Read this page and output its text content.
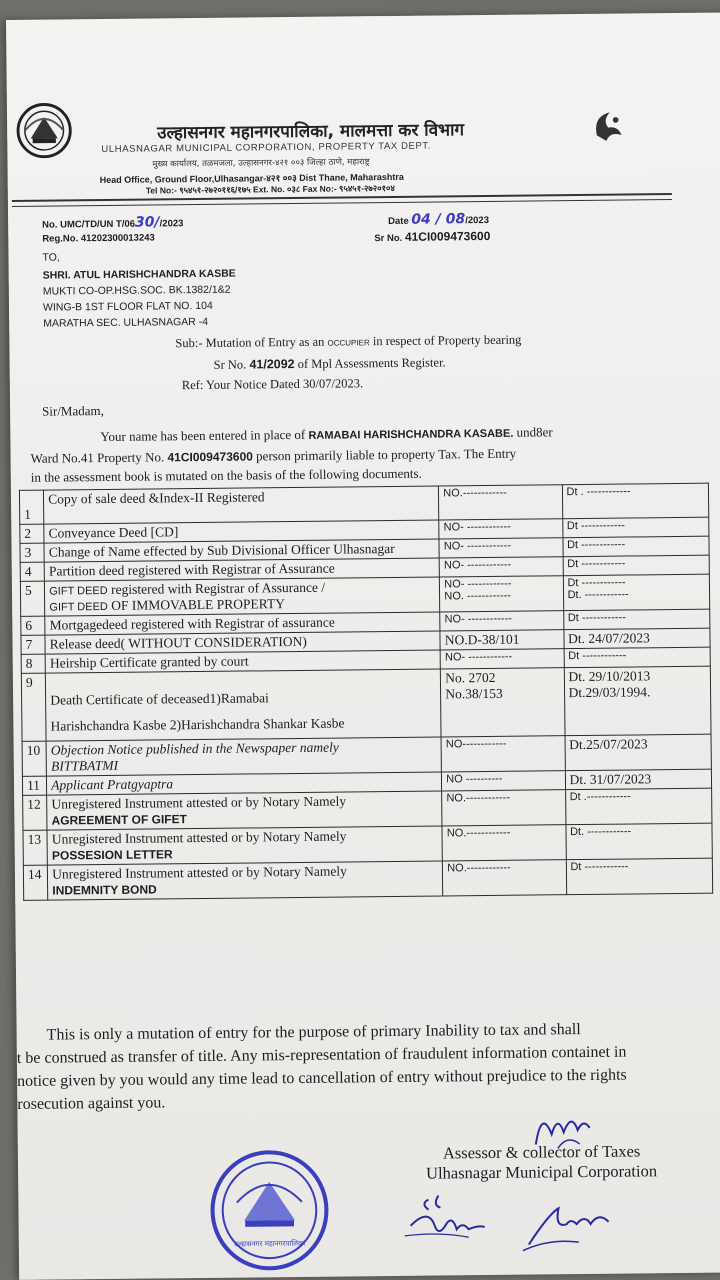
उल्हासनगर महानगरपालिका, मालमत्ता कर विभाग
ULHASNAGAR MUNICIPAL CORPORATION, PROPERTY TAX DEPT.
मुख्य कार्यालय, तळमजला, उल्हासनगर-४२१ ००३ जिल्हा ठाणे, महाराष्ट्र
Head Office, Ground Floor,Ulhasangar-४२१ ००३ Dist Thane, Maharashtra
Tel No:- ९५४५१-२७२०११६/१७५ Ext. No. ०३८ Fax No:- ९५४५१-२७२०१०४
No. UMC/TD/UN T/0630//2023	Date 04 / 08/2023
Reg.No. 41202300013243	Sr No. 41CI009473600
TO,
SHRI. ATUL HARISHCHANDRA KASBE
MUKTI CO-OP.HSG.SOC. BK.1382/1&2
WING-B 1ST FLOOR FLAT NO. 104
MARATHA SEC. ULHASNAGAR -4
Sub:- Mutation of Entry as an OCCUPIER in respect of Property bearing
Sr No. 41/2092 of Mpl Assessments Register.
Ref: Your Notice Dated 30/07/2023.
Sir/Madam,
Your name has been entered in place of RAMABAI HARISHCHANDRA KASABE. und8er
Ward No.41 Property No. 41CI009473600 person primarily liable to property Tax. The Entry
in the assessment book is mutated on the basis of the following documents.
1	Copy of sale deed &Index-II Registered	NO.------------	Dt . ------------
2	Conveyance Deed [CD]	NO- ------------	Dt ------------
3	Change of Name effected by Sub Divisional Officer Ulhasnagar	NO- ------------	Dt ------------
4	Partition deed registered with Registrar of Assurance	NO- ------------	Dt ------------
5	GIFT DEED registered with Registrar of Assurance /
GIFT DEED OF IMMOVABLE PROPERTY	NO- ------------
NO. ------------	Dt ------------
Dt. ------------
6	Mortgagedeed registered with Registrar of assurance	NO- ------------	Dt ------------
7	Release deed( WITHOUT CONSIDERATION)	NO.D-38/101	Dt. 24/07/2023
8	Heirship Certificate granted by court	NO- ------------	Dt ------------
9	Death Certificate of deceased1)Ramabai
Harishchandra Kasbe 2)Harishchandra Shankar Kasbe	No. 2702
No.38/153	Dt. 29/10/2013
Dt.29/03/1994.
10	Objection Notice published in the Newspaper namely
BITTBATMI	NO------------	Dt.25/07/2023
11	Applicant Pratgyaptra	NO ----------	Dt. 31/07/2023
12	Unregistered Instrument attested or by Notary Namely
AGREEMENT OF GIFET	NO.------------	Dt .------------
13	Unregistered Instrument attested or by Notary Namely
POSSESION LETTER	NO.------------	Dt. ------------
14	Unregistered Instrument attested or by Notary Namely
INDEMNITY BOND	NO.------------	Dt ------------
This is only a mutation of entry for the purpose of primary Inability to tax and shall
t be construed as transfer of title. Any mis-representation of fraudulent information containet in
notice given by you would any time lead to cancellation of entry without prejudice to the rights
rosecution against you.
उल्हासनगर महानगरपालिका
Assessor & collector of Taxes
Ulhasnagar Municipal Corporation
